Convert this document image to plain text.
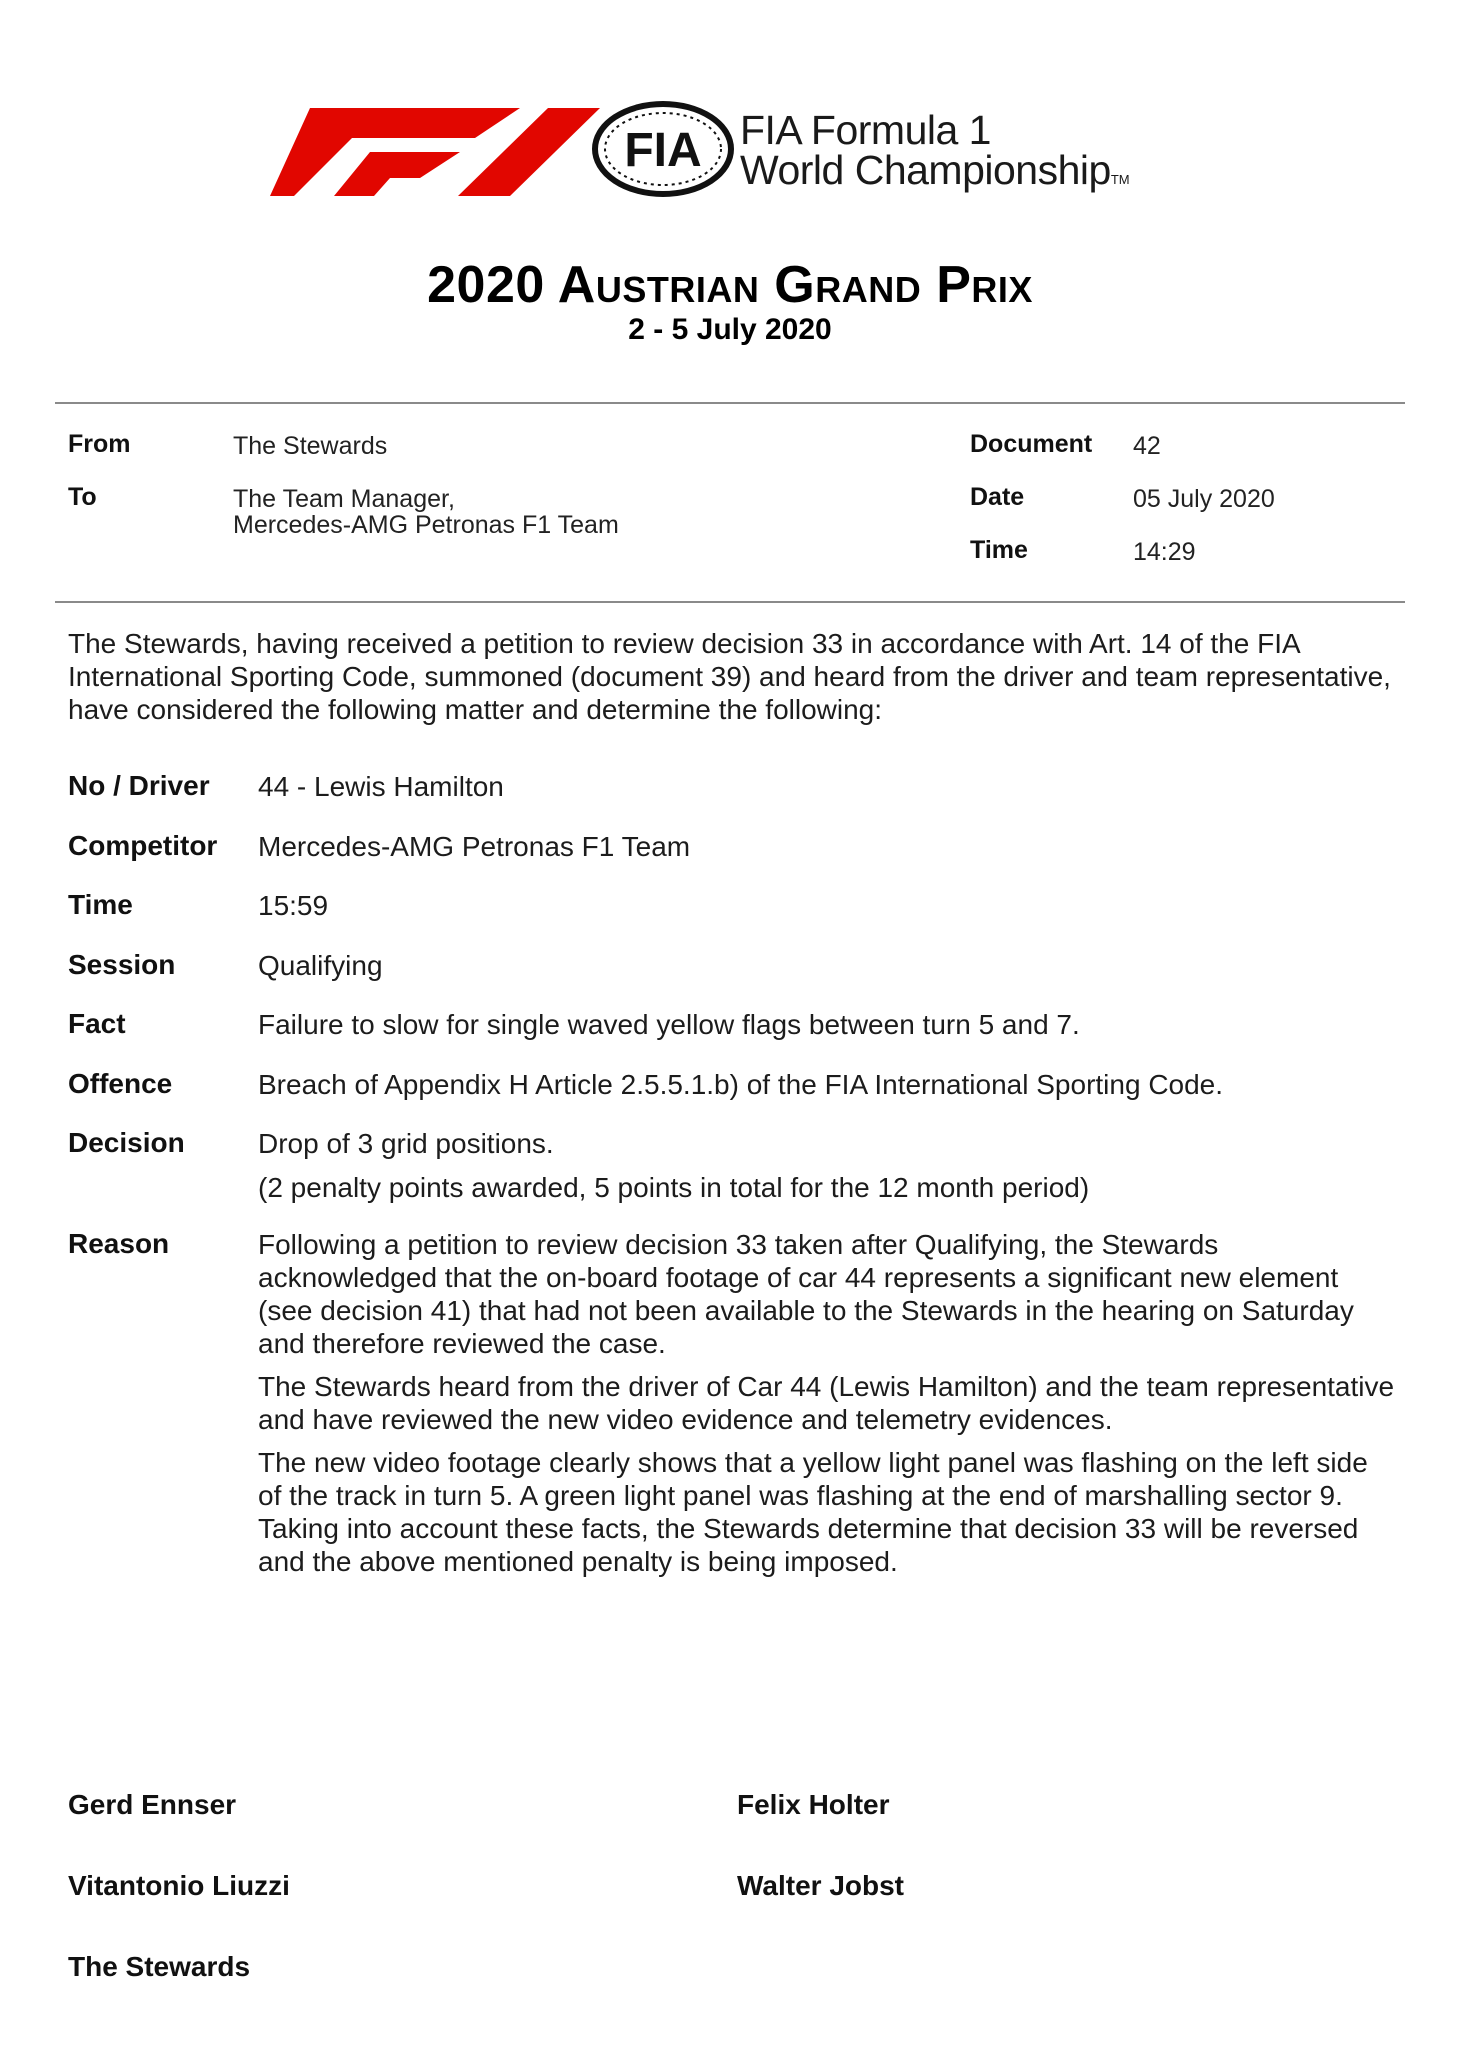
FIA FIA Formula 1
World ChampionshipTM
2020 Austrian Grand Prix
2 - 5 July 2020
From	The Stewards
To	The Team Manager,
Mercedes-AMG Petronas F1 Team
Document 42
Date	05 July 2020
Time	14:29
The Stewards, having received a petition to review decision 33 in accordance with Art. 14 of the FIA International Sporting Code, summoned (document 39) and heard from the driver and team representative, have considered the following matter and determine the following:
No / Driver 44 - Lewis Hamilton
Competitor Mercedes-AMG Petronas F1 Team
Time	15:59
Session	Qualifying
Fact	Failure to slow for single waved yellow flags between turn 5 and 7.
Offence	Breach of Appendix H Article 2.5.5.1.b) of the FIA International Sporting Code.
Decision	Drop of 3 grid positions.
(2 penalty points awarded, 5 points in total for the 12 month period)
Reason	Following a petition to review decision 33 taken after Qualifying, the Stewards acknowledged that the on-board footage of car 44 represents a significant new element (see decision 41) that had not been available to the Stewards in the hearing on Saturday and therefore reviewed the case.

The Stewards heard from the driver of Car 44 (Lewis Hamilton) and the team representative and have reviewed the new video evidence and telemetry evidences.

The new video footage clearly shows that a yellow light panel was flashing on the left side of the track in turn 5. A green light panel was flashing at the end of marshalling sector 9. Taking into account these facts, the Stewards determine that decision 33 will be reversed and the above mentioned penalty is being imposed.

Gerd Ennser	Felix Holter
Vitantonio Liuzzi	Walter Jobst
The Stewards
